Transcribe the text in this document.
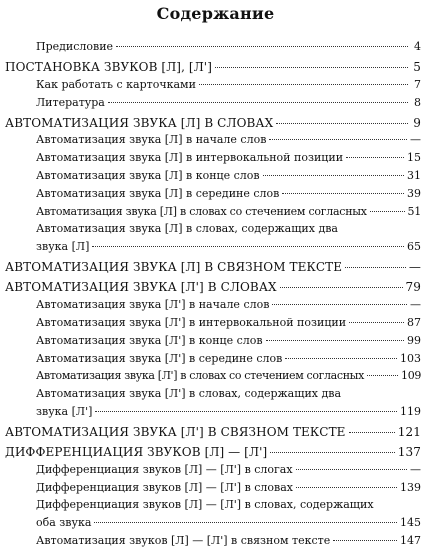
Содержание
Предисловие	4
ПОСТАНОВКА ЗВУКОВ [Л], [Л']	5
Как работать с карточками	7
Литература	8
АВТОМАТИЗАЦИЯ ЗВУКА [Л] В СЛОВАХ	9
Автоматизация звука [Л] в начале слов	—
Автоматизация звука [Л] в интервокальной позиции	15
Автоматизация звука [Л] в конце слов	31
Автоматизация звука [Л] в середине слов	39
Автоматизация звука [Л] в словах со стечением согласных	51
Автоматизация звука [Л] в словах, содержащих два
звука [Л]	65
АВТОМАТИЗАЦИЯ ЗВУКА [Л] В СВЯЗНОМ ТЕКСТЕ	—
АВТОМАТИЗАЦИЯ ЗВУКА [Л'] В СЛОВАХ	79
Автоматизация звука [Л'] в начале слов	—
Автоматизация звука [Л'] в интервокальной позиции	87
Автоматизация звука [Л'] в конце слов	99
Автоматизация звука [Л'] в середине слов	103
Автоматизация звука [Л'] в словах со стечением согласных	109
Автоматизация звука [Л'] в словах, содержащих два
звука [Л']	119
АВТОМАТИЗАЦИЯ ЗВУКА [Л'] В СВЯЗНОМ ТЕКСТЕ	121
ДИФФЕРЕНЦИАЦИЯ ЗВУКОВ [Л] — [Л']	137
Дифференциация звуков [Л] — [Л'] в слогах	—
Дифференциация звуков [Л] — [Л'] в словах	139
Дифференциация звуков [Л] — [Л'] в словах, содержащих
оба звука	145
Автоматизация звуков [Л] — [Л'] в связном тексте	147
